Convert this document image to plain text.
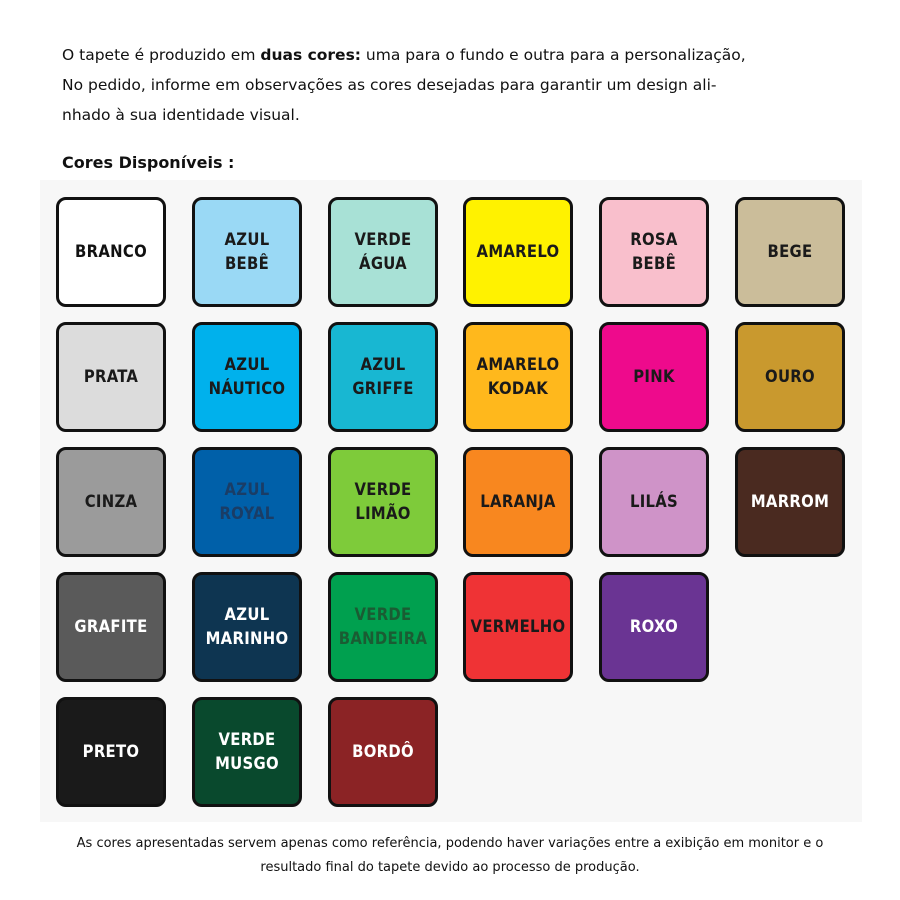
O tapete é produzido em duas cores: uma para o fundo e outra para a personalização,
No pedido, informe em observações as cores desejadas para garantir um design ali-
nhado à sua identidade visual.
Cores Disponíveis :
BRANCO
AZUL
BEBÊ
VERDE
ÁGUA
AMARELO
ROSA
BEBÊ
BEGE
PRATA
AZUL
NÁUTICO
AZUL
GRIFFE
AMARELO
KODAK
PINK	OURO
CINZA
AZUL
ROYAL
VERDE
LIMÃO
LARANJA	LILÁS	MARROM
GRAFITE
AZUL
MARINHO
VERDE
BANDEIRA
VERMELHO	ROXO
PRETO
VERDE
MUSGO
BORDÔ
As cores apresentadas servem apenas como referência, podendo haver variações entre a exibição em monitor e o
resultado final do tapete devido ao processo de produção.
